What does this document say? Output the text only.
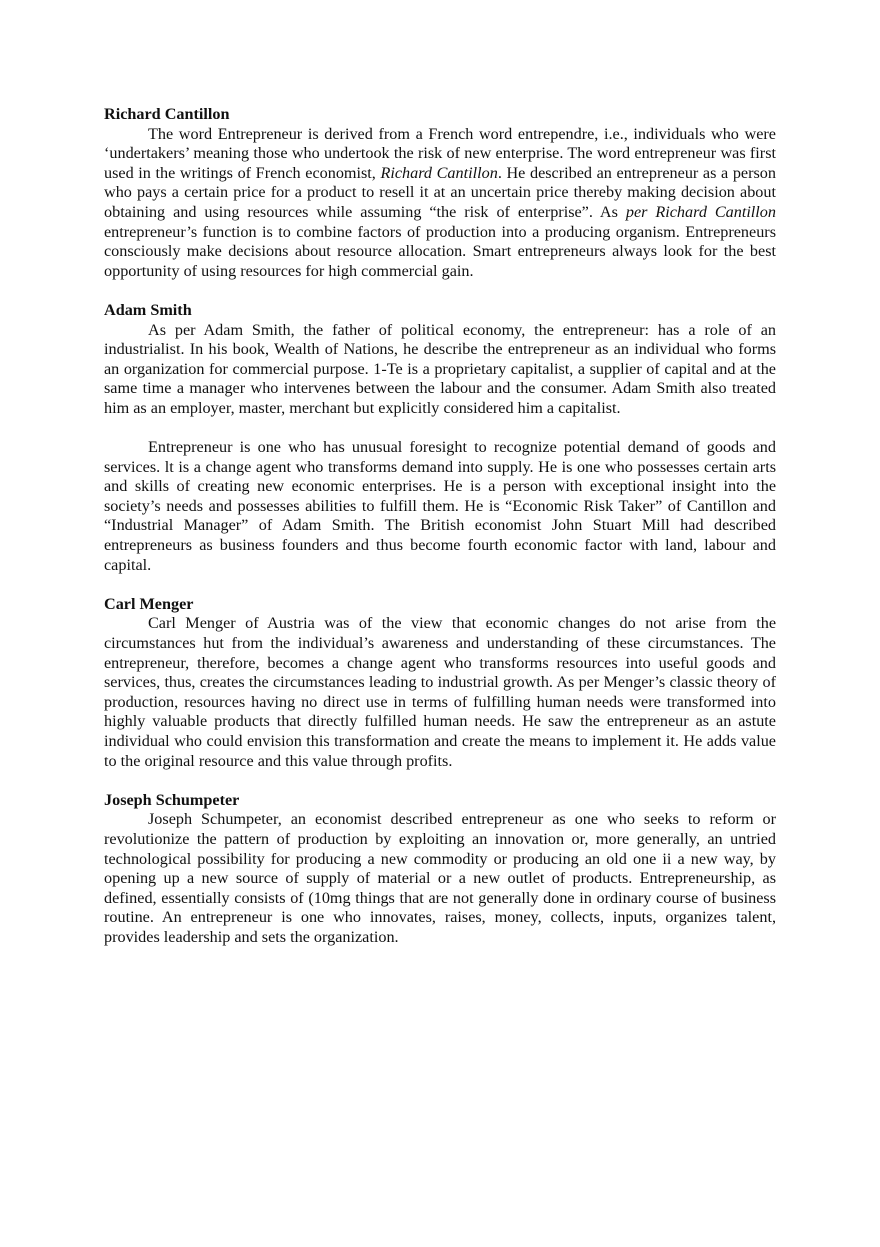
Richard Cantillon

The word Entrepreneur is derived from a French word entrependre, i.e., individuals who were ‘undertakers’ meaning those who undertook the risk of new enterprise. The word entrepreneur was first used in the writings of French economist, Richard Cantillon. He described an entrepreneur as a person who pays a certain price for a product to resell it at an uncertain price thereby making decision about obtaining and using resources while assuming “the risk of enterprise”. As per Richard Cantillon entrepreneur’s function is to combine factors of production into a producing organism. Entrepreneurs consciously make decisions about resource allocation. Smart entrepreneurs always look for the best opportunity of using resources for high commercial gain.

Adam Smith

As per Adam Smith, the father of political economy, the entrepreneur: has a role of an industrialist. In his book, Wealth of Nations, he describe the entrepreneur as an individual who forms an organization for commercial purpose. 1-Te is a proprietary capitalist, a supplier of capital and at the same time a manager who intervenes between the labour and the consumer. Adam Smith also treated him as an employer, master, merchant but explicitly considered him a capitalist.

Entrepreneur is one who has unusual foresight to recognize potential demand of goods and services. lt is a change agent who transforms demand into supply. He is one who possesses certain arts and skills of creating new economic enterprises. He is a person with exceptional insight into the society’s needs and possesses abilities to fulfill them. He is “Economic Risk Taker” of Cantillon and “Industrial Manager” of Adam Smith. The British economist John Stuart Mill had described entrepreneurs as business founders and thus become fourth economic factor with land, labour and capital.

Carl Menger

Carl Menger of Austria was of the view that economic changes do not arise from the circumstances hut from the individual’s awareness and understanding of these circumstances. The entrepreneur, therefore, becomes a change agent who transforms resources into useful goods and services, thus, creates the circumstances leading to industrial growth. As per Menger’s classic theory of production, resources having no direct use in terms of fulfilling human needs were transformed into highly valuable products that directly fulfilled human needs. He saw the entrepreneur as an astute individual who could envision this transformation and create the means to implement it. He adds value to the original resource and this value through profits.

Joseph Schumpeter

Joseph Schumpeter, an economist described entrepreneur as one who seeks to reform or revolutionize the pattern of production by exploiting an innovation or, more generally, an untried technological possibility for producing a new commodity or producing an old one ii a new way, by opening up a new source of supply of material or a new outlet of products. Entrepreneurship, as defined, essentially consists of (10mg things that are not generally done in ordinary course of business routine. An entrepreneur is one who innovates, raises, money, collects, inputs, organizes talent, provides leadership and sets the organization.
